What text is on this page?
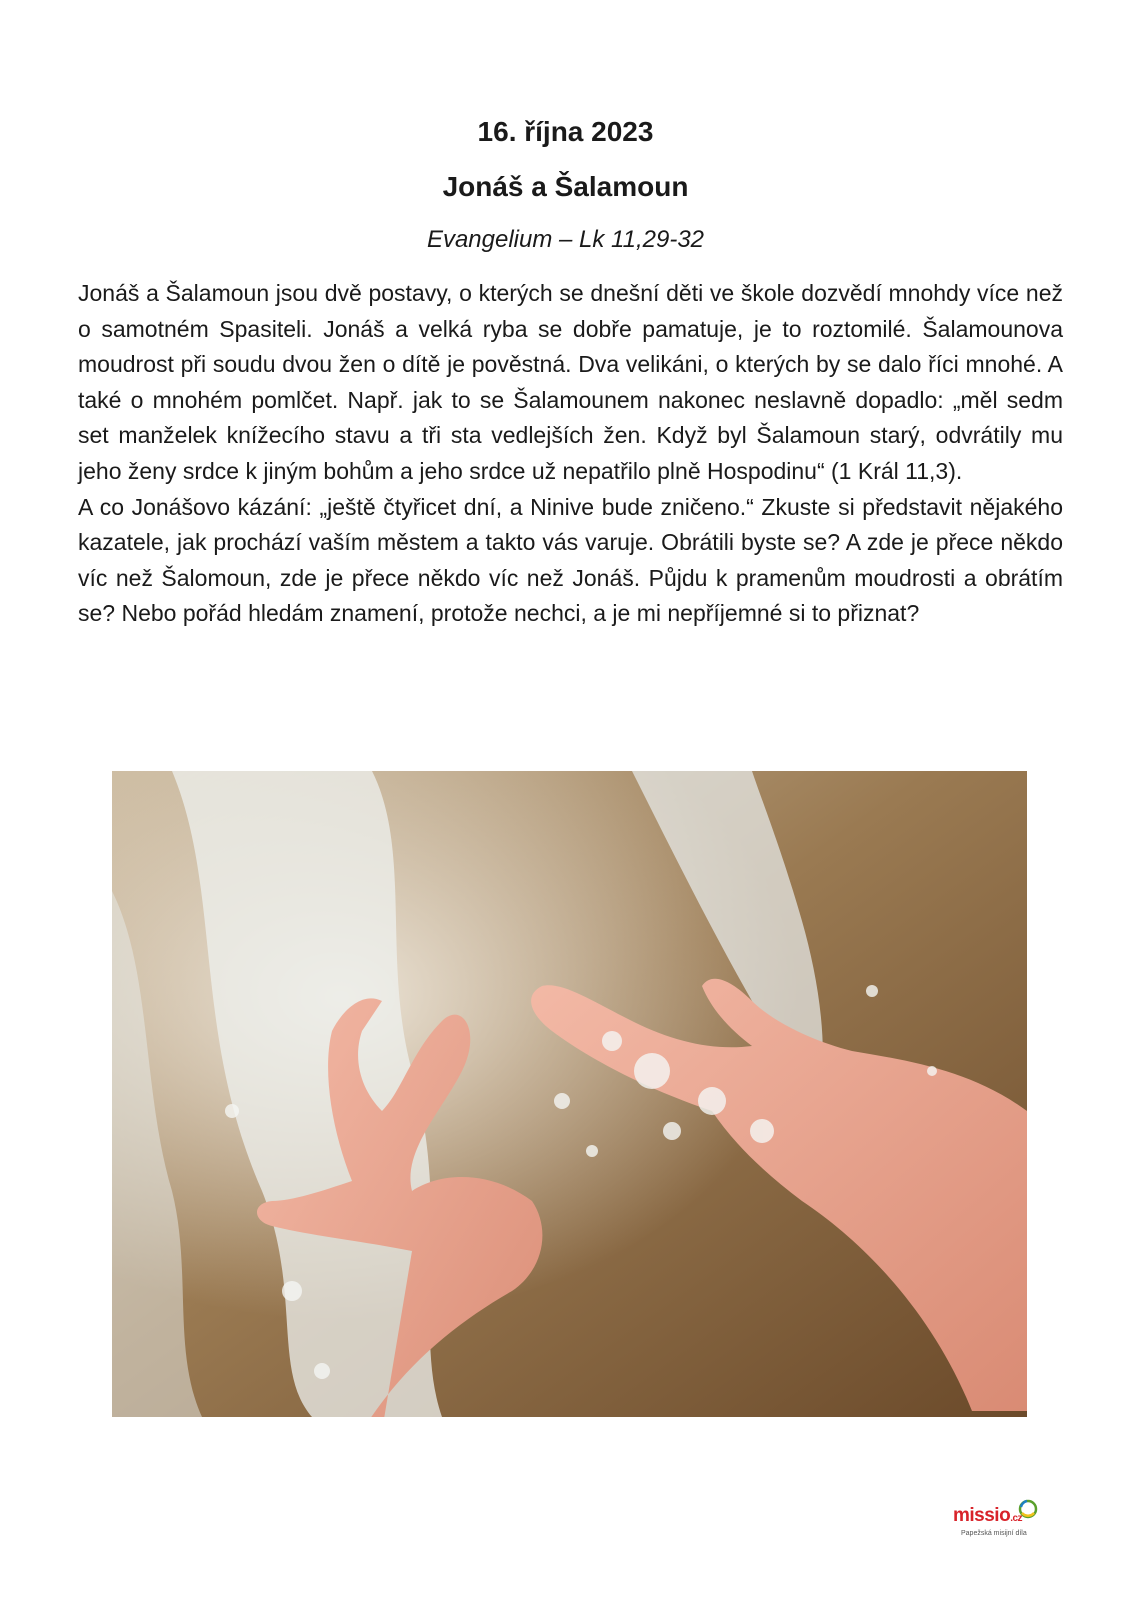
16. října 2023
Jonáš a Šalamoun
Evangelium – Lk 11,29-32

Jonáš a Šalamoun jsou dvě postavy, o kterých se dnešní děti ve škole dozvědí mnohdy více než o samotném Spasiteli. Jonáš a velká ryba se dobře pamatuje, je to roztomilé. Šalamounova moudrost při soudu dvou žen o dítě je pověstná. Dva velikáni, o kterých by se dalo říci mnohé. A také o mnohém pomlčet. Např. jak to se Šalamounem nakonec neslavně dopadlo: „měl sedm set manželek knížecího stavu a tři sta vedlejších žen. Když byl Šalamoun starý, odvrátily mu jeho ženy srdce k jiným bohům a jeho srdce už nepatřilo plně Hospodinu“ (1 Král 11,3).

A co Jonášovo kázání: „ještě čtyřicet dní, a Ninive bude zničeno.“ Zkuste si představit nějakého kazatele, jak prochází vaším městem a takto vás varuje. Obrátili byste se? A zde je přece někdo víc než Šalomoun, zde je přece někdo víc než Jonáš. Půjdu k pramenům moudrosti a obrátím se? Nebo pořád hledám znamení, protože nechci, a je mi nepříjemné si to přiznat?

missio.cz
Papežská misijní díla
